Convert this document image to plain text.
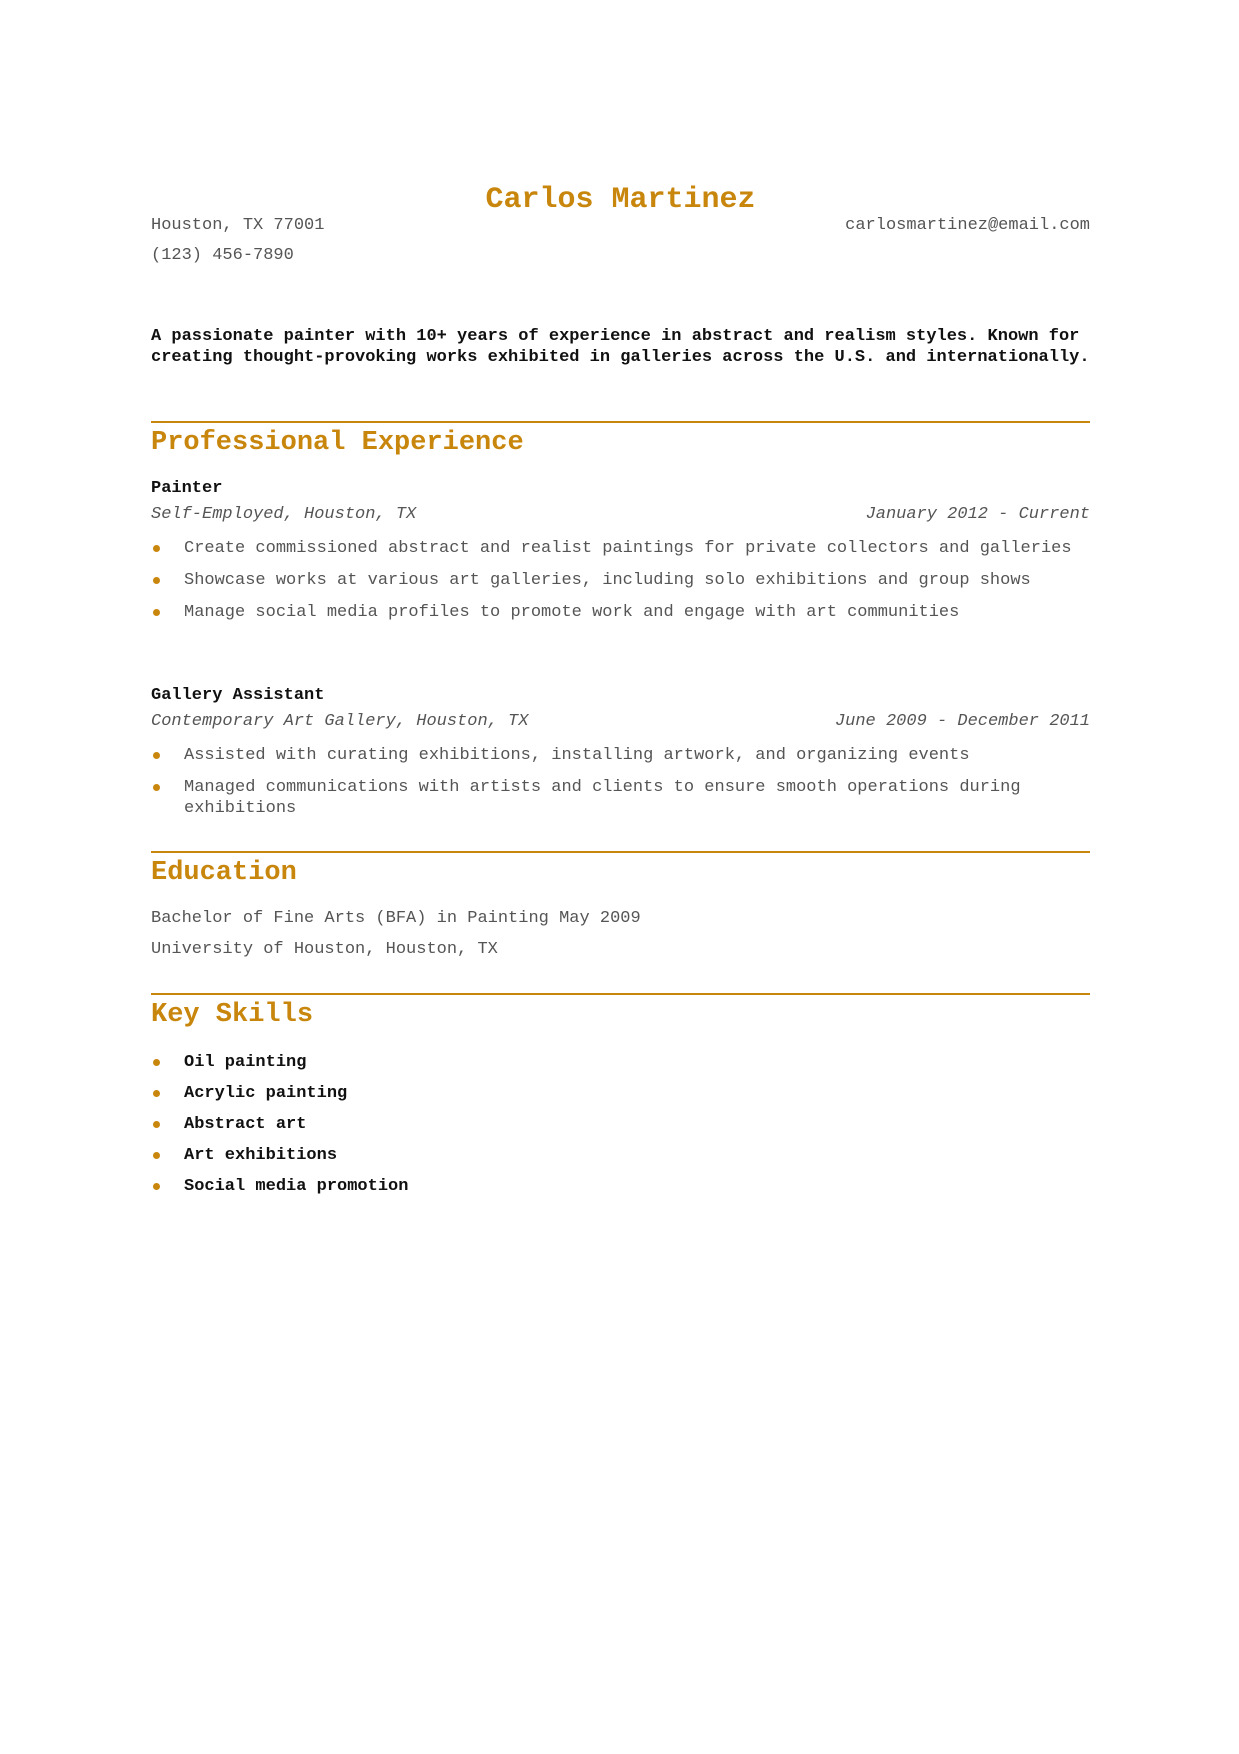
Carlos Martinez
Houston, TX 77001	carlosmartinez@email.com
(123) 456-7890

A passionate painter with 10+ years of experience in abstract and realism styles. Known for creating thought-provoking works exhibited in galleries across the U.S. and internationally.

Professional Experience
Painter
Self-Employed, Houston, TX	January 2012 - Current
Create commissioned abstract and realist paintings for private collectors and galleries
Showcase works at various art galleries, including solo exhibitions and group shows
Manage social media profiles to promote work and engage with art communities
Gallery Assistant
Contemporary Art Gallery, Houston, TX	June 2009 - December 2011
Assisted with curating exhibitions, installing artwork, and organizing events
Managed communications with artists and clients to ensure smooth operations during exhibitions
Education
Bachelor of Fine Arts (BFA) in Painting May 2009
University of Houston, Houston, TX
Key Skills
Oil painting
Acrylic painting
Abstract art
Art exhibitions
Social media promotion
